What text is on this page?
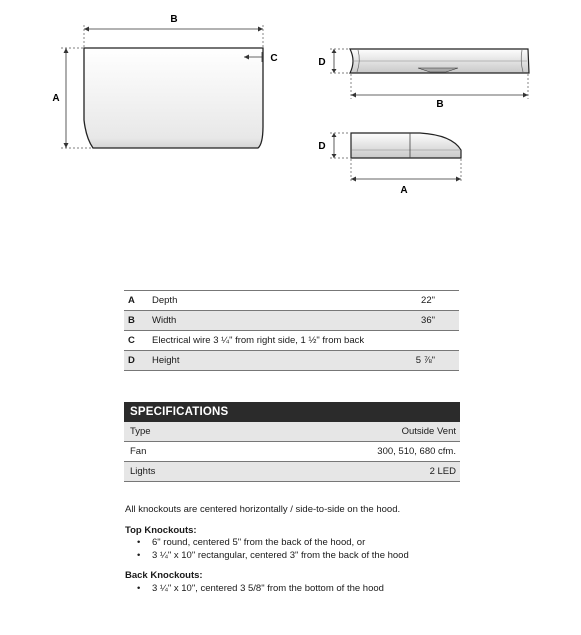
B
A
C	D
B
D
A
A	Depth	22"
B	Width	36"
C	Electrical wire 3 ¼" from right side, 1 ½" from back	
D	Height	5 ⅞"
SPECIFICATIONS
Type	Outside Vent
Fan	300, 510, 680 cfm.
Lights	2 LED

All knockouts are centered horizontally / side-to-side on the hood.

Top Knockouts:

• 6" round, centered 5" from the back of the hood, or
• 3 ¼" x 10" rectangular, centered 3" from the back of the hood

Back Knockouts:

• 3 ¼" x 10", centered 3 5/8" from the bottom of the hood
